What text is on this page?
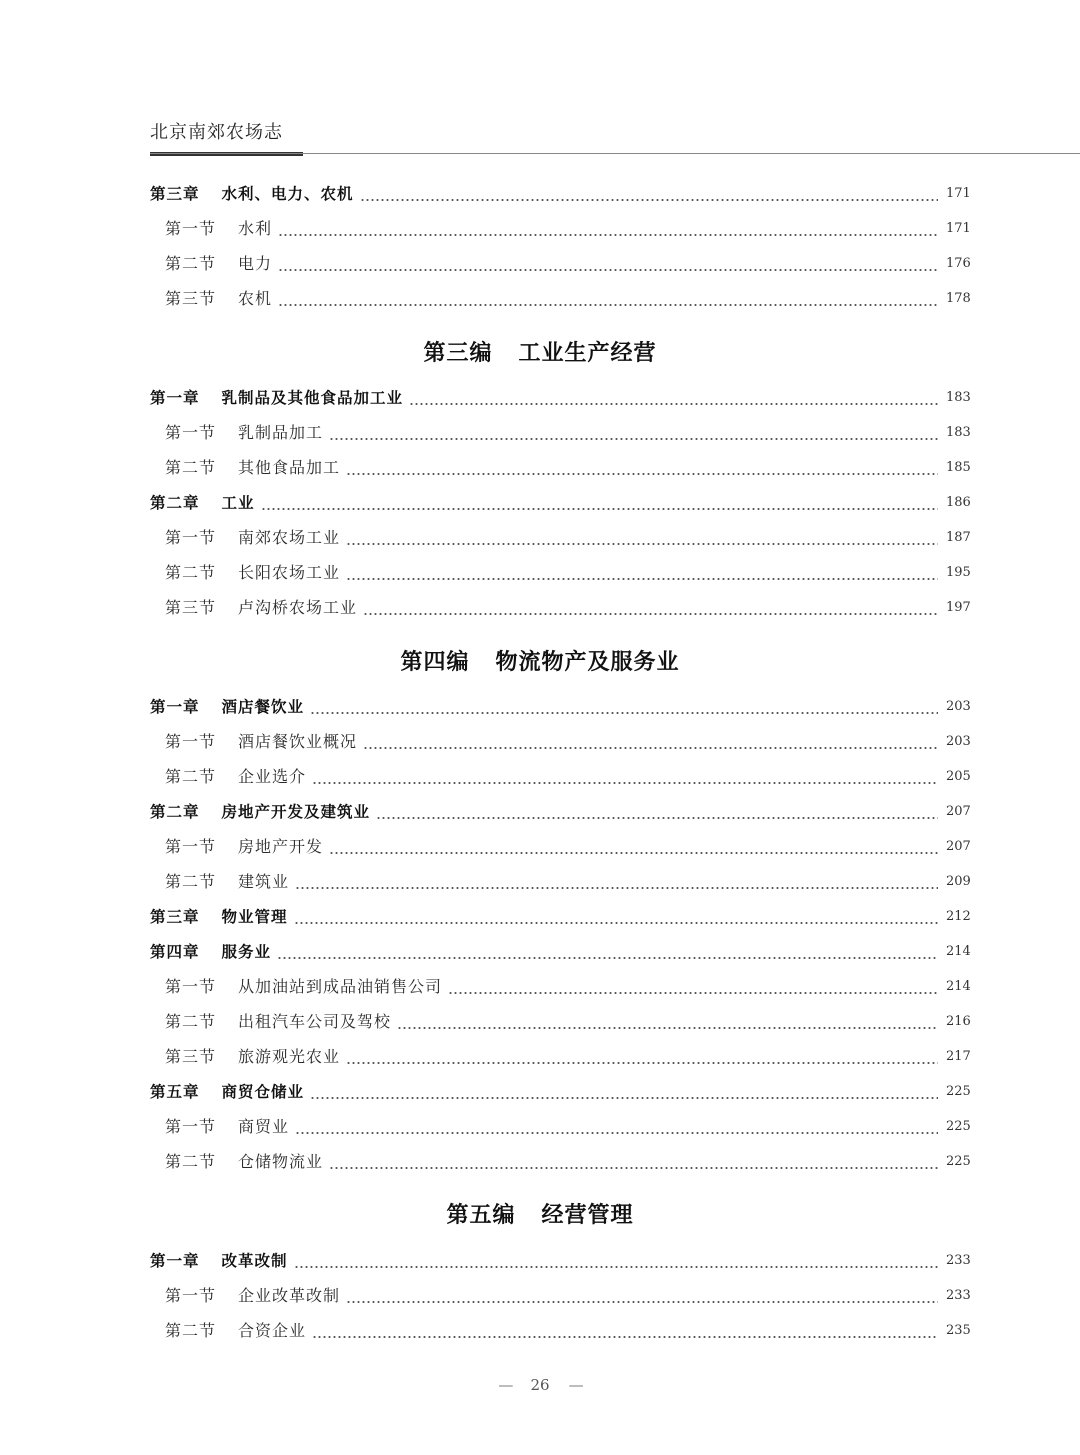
北京南郊农场志
第三章 水利、电力、农机	171
第一节 水利	171
第二节 电力	176
第三节 农机	178
第三编 工业生产经营
第一章 乳制品及其他食品加工业	183
第一节 乳制品加工	183
第二节 其他食品加工	185
第二章 工业	186
第一节 南郊农场工业	187
第二节 长阳农场工业	195
第三节 卢沟桥农场工业	197
第四编 物流物产及服务业
第一章 酒店餐饮业	203
第一节 酒店餐饮业概况	203
第二节 企业选介	205
第二章 房地产开发及建筑业	207
第一节 房地产开发	207
第二节 建筑业	209
第三章 物业管理	212
第四章 服务业	214
第一节 从加油站到成品油销售公司	214
第二节 出租汽车公司及驾校	216
第三节 旅游观光农业	217
第五章 商贸仓储业	225
第一节 商贸业	225
第二节 仓储物流业	225
第五编 经营管理
第一章 改革改制	233
第一节 企业改革改制	233
第二节 合资企业	235
— 26 —
